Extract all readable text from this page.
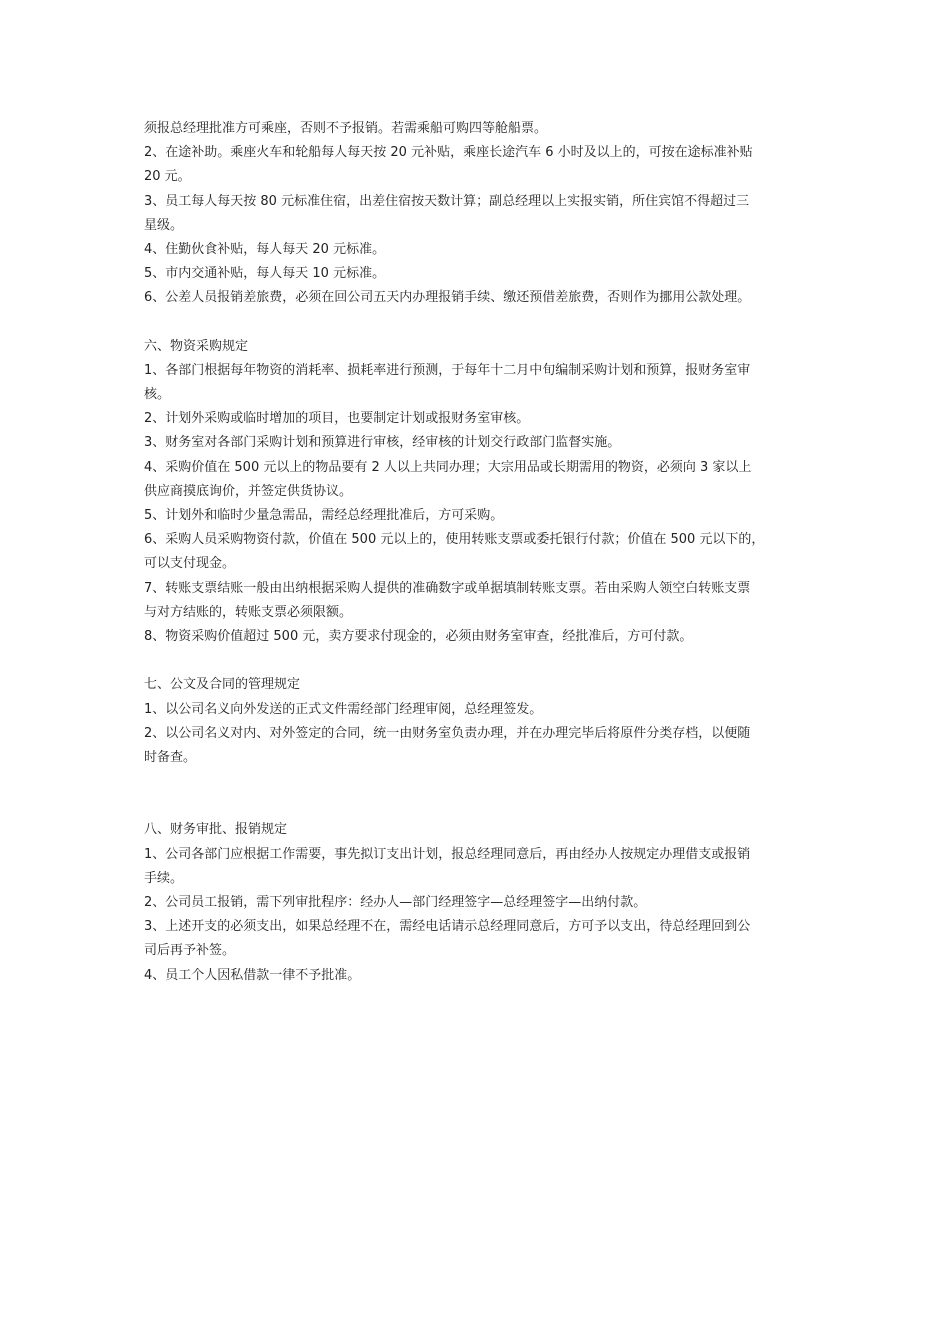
须报总经理批准方可乘座，否则不予报销。若需乘船可购四等舱船票。
2、在途补助。乘座火车和轮船每人每天按 20 元补贴，乘座长途汽车 6 小时及以上的，可按在途标准补贴
20 元。
3、员工每人每天按 80 元标准住宿，出差住宿按天数计算；副总经理以上实报实销，所住宾馆不得超过三
星级。
4、住勤伙食补贴，每人每天 20 元标准。
5、市内交通补贴，每人每天 10 元标准。
6、公差人员报销差旅费，必须在回公司五天内办理报销手续、缴还预借差旅费，否则作为挪用公款处理。
六、物资采购规定
1、各部门根据每年物资的消耗率、损耗率进行预测，于每年十二月中旬编制采购计划和预算，报财务室审
核。
2、计划外采购或临时增加的项目，也要制定计划或报财务室审核。
3、财务室对各部门采购计划和预算进行审核，经审核的计划交行政部门监督实施。
4、采购价值在 500 元以上的物品要有 2 人以上共同办理；大宗用品或长期需用的物资，必须向 3 家以上
供应商摸底询价，并签定供货协议。
5、计划外和临时少量急需品，需经总经理批准后，方可采购。
6、采购人员采购物资付款，价值在 500 元以上的，使用转账支票或委托银行付款；价值在 500 元以下的，
可以支付现金。
7、转账支票结账一般由出纳根据采购人提供的准确数字或单据填制转账支票。若由采购人领空白转账支票
与对方结账的，转账支票必须限额。
8、物资采购价值超过 500 元，卖方要求付现金的，必须由财务室审查，经批准后，方可付款。
七、公文及合同的管理规定
1、以公司名义向外发送的正式文件需经部门经理审阅，总经理签发。
2、以公司名义对内、对外签定的合同，统一由财务室负责办理，并在办理完毕后将原件分类存档，以便随
时备查。
八、财务审批、报销规定
1、公司各部门应根据工作需要，事先拟订支出计划，报总经理同意后，再由经办人按规定办理借支或报销
手续。
2、公司员工报销，需下列审批程序：经办人—部门经理签字—总经理签字—出纳付款。
3、上述开支的必须支出，如果总经理不在，需经电话请示总经理同意后，方可予以支出，待总经理回到公
司后再予补签。
4、员工个人因私借款一律不予批准。
